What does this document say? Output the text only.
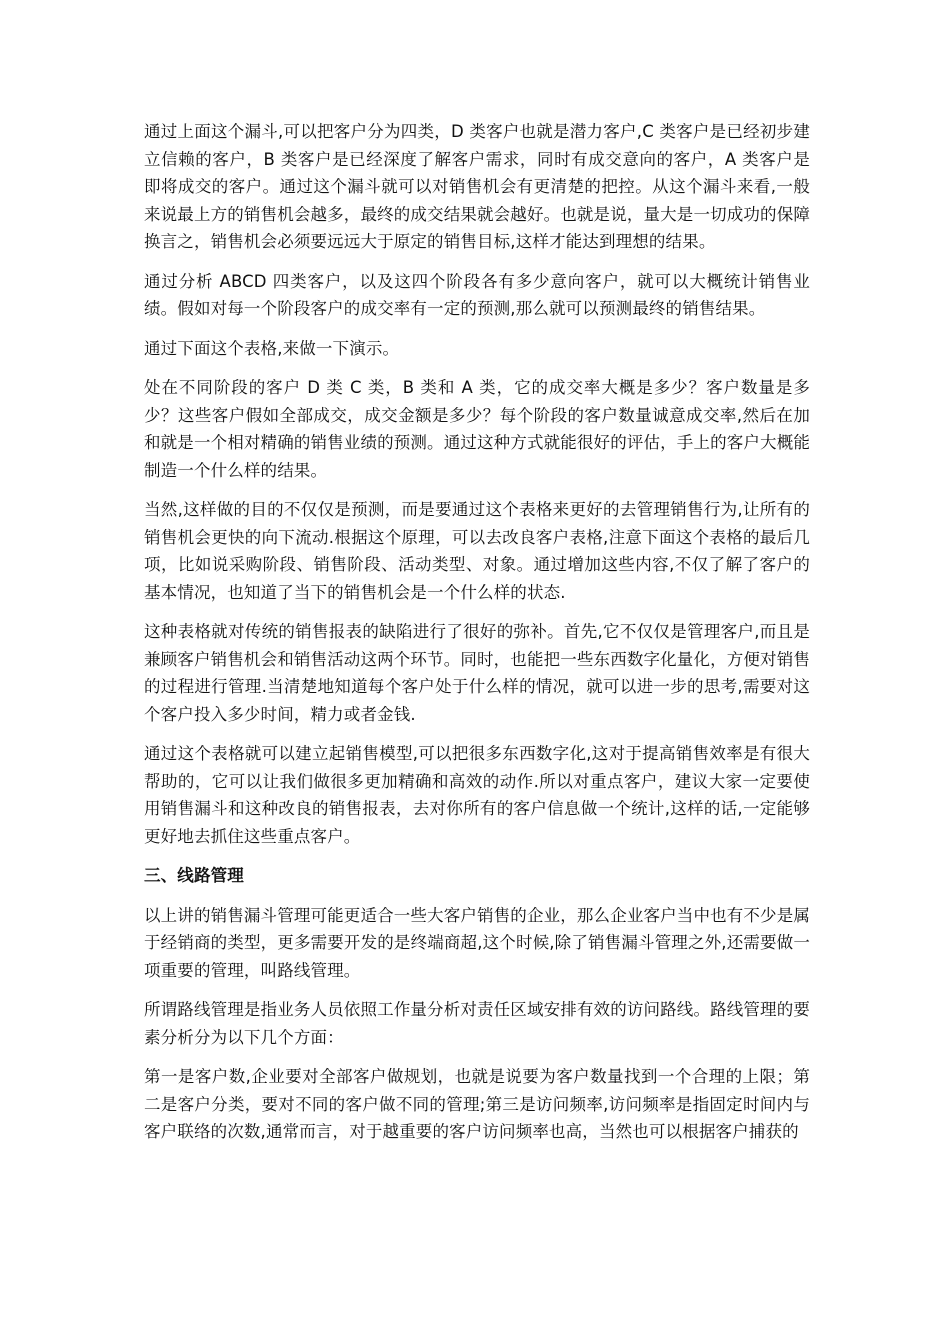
通过上面这个漏斗,可以把客户分为四类，D 类客户也就是潜力客户,C 类客户是已经初步建立信赖的客户，B 类客户是已经深度了解客户需求，同时有成交意向的客户，A 类客户是即将成交的客户。通过这个漏斗就可以对销售机会有更清楚的把控。从这个漏斗来看,一般来说最上方的销售机会越多，最终的成交结果就会越好。也就是说，量大是一切成功的保障换言之，销售机会必须要远远大于原定的销售目标,这样才能达到理想的结果。

通过分析 ABCD 四类客户，以及这四个阶段各有多少意向客户，就可以大概统计销售业绩。假如对每一个阶段客户的成交率有一定的预测,那么就可以预测最终的销售结果。

通过下面这个表格,来做一下演示。

处在不同阶段的客户 D 类 C 类，B 类和 A 类，它的成交率大概是多少？客户数量是多少？这些客户假如全部成交，成交金额是多少？每个阶段的客户数量诚意成交率,然后在加和就是一个相对精确的销售业绩的预测。通过这种方式就能很好的评估，手上的客户大概能制造一个什么样的结果。

当然,这样做的目的不仅仅是预测，而是要通过这个表格来更好的去管理销售行为,让所有的销售机会更快的向下流动.根据这个原理，可以去改良客户表格,注意下面这个表格的最后几项，比如说采购阶段、销售阶段、活动类型、对象。通过增加这些内容,不仅了解了客户的基本情况，也知道了当下的销售机会是一个什么样的状态.

这种表格就对传统的销售报表的缺陷进行了很好的弥补。首先,它不仅仅是管理客户,而且是兼顾客户销售机会和销售活动这两个环节。同时，也能把一些东西数字化量化，方便对销售的过程进行管理.当清楚地知道每个客户处于什么样的情况，就可以进一步的思考,需要对这个客户投入多少时间，精力或者金钱.

通过这个表格就可以建立起销售模型,可以把很多东西数字化,这对于提高销售效率是有很大帮助的，它可以让我们做很多更加精确和高效的动作.所以对重点客户，建议大家一定要使用销售漏斗和这种改良的销售报表，去对你所有的客户信息做一个统计,这样的话,一定能够更好地去抓住这些重点客户。

三、线路管理

以上讲的销售漏斗管理可能更适合一些大客户销售的企业，那么企业客户当中也有不少是属于经销商的类型，更多需要开发的是终端商超,这个时候,除了销售漏斗管理之外,还需要做一项重要的管理，叫路线管理。

所谓路线管理是指业务人员依照工作量分析对责任区域安排有效的访问路线。路线管理的要素分析分为以下几个方面：

第一是客户数,企业要对全部客户做规划，也就是说要为客户数量找到一个合理的上限；第二是客户分类，要对不同的客户做不同的管理;第三是访问频率,访问频率是指固定时间内与客户联络的次数,通常而言，对于越重要的客户访问频率也高，当然也可以根据客户捕获的
